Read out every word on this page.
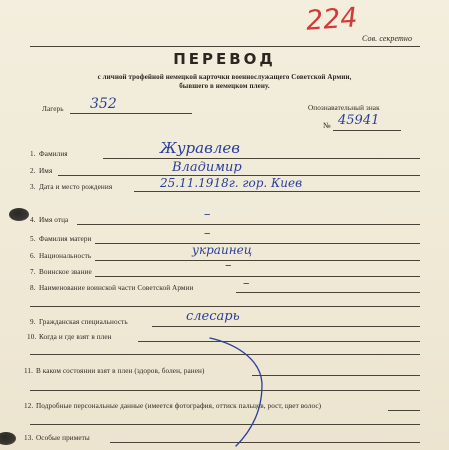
224
Сов. секретно
ПЕРЕВОД
с личной трофейной немецкой карточки военнослужащего Советской Армии,
бывшего в немецком плену.
Лагерь 352	Опознавательный знак
№ 45941
1. Фамилия	Журавлев
2. Имя	Владимир
3. Дата и место рождения	25.11.1918г. гор. Киев
4. Имя отца	–
5. Фамилия матери	–
6. Национальность	украинец
7. Воинское звание	–
8. Наименование воинской части Советской Армии	–
9. Гражданская специальность	слесарь
10. Когда и где взят в плен
11. В каком состоянии взят в плен (здоров, болен, ранен)
12. Подробные персональные данные (имеется фотография, оттиск пальцев, рост, цвет волос)
13. Особые приметы
